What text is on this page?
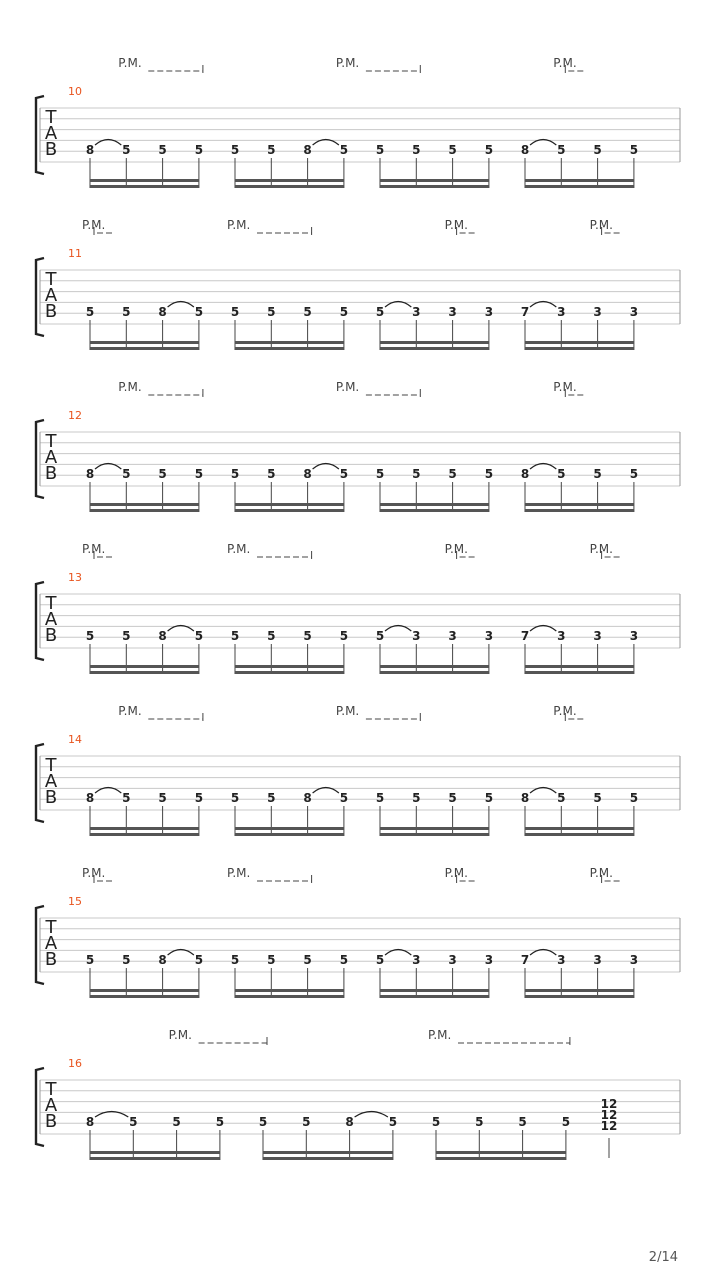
T
A
B
10
P.M.	P.M.	P.M.
8 5 5 5 5 5 8 5 5 5 5 5 8 5 5 5
T
A
B
11
P.M.	P.M.	P.M.	P.M.
5 5 8 5 5 5 5 5 5 3 3 3 7 3 3 3
T
A
B
12
P.M.	P.M.	P.M.
8 5 5 5 5 5 8 5 5 5 5 5 8 5 5 5
T
A
B
13
P.M.	P.M.	P.M.	P.M.
5 5 8 5 5 5 5 5 5 3 3 3 7 3 3 3
T
A
B
14
P.M.	P.M.	P.M.
8 5 5 5 5 5 8 5 5 5 5 5 8 5 5 5
T
A
B
15
P.M.	P.M.	P.M.	P.M.
5 5 8 5 5 5 5 5 5 3 3 3 7 3 3 3
T
A
B
16
P.M.	P.M.
8	5	5	5	5	5	8	5	5	5	5	5
12
12
12
2/14
